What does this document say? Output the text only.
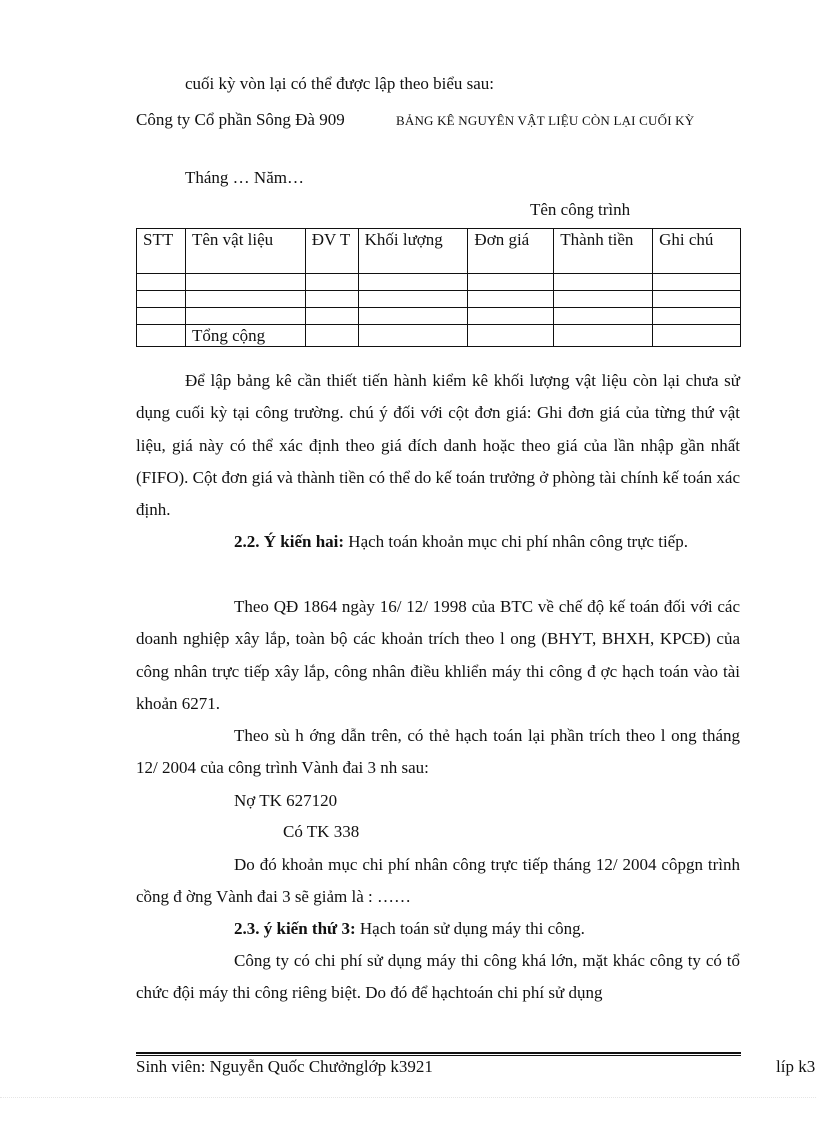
cuối kỳ vòn lại có thể được lập theo biểu sau:
Công ty Cổ phần Sông Đà 909	BẢNG KÊ NGUYÊN VẬT LIỆU CÒN LẠI CUỐI KỲ
Tháng … Năm…
Tên công trình
STT	Tên vật liệu	ĐV T	Khối lượng	Đơn giá	Thành tiền	Ghi chú

	Tổng cộng					

Để lập bảng kê cần thiết tiến hành kiểm kê khối lượng vật liệu còn lại chưa sử dụng cuối kỳ tại công trường. chú ý đối với cột đơn giá: Ghi đơn giá của từng thứ vật liệu, giá này có thể xác định theo giá đích danh hoặc theo giá của lần nhập gần nhất (FIFO). Cột đơn giá và thành tiền có thể do kế toán trưởng ở phòng tài chính kế toán xác định.

2.2. Ý kiến hai: Hạch toán khoản mục chi phí nhân công trực tiếp.

Theo QĐ 1864 ngày 16/ 12/ 1998 của BTC về chế độ kế toán đối với các doanh nghiệp xây lắp, toàn bộ các khoản trích theo l ong (BHYT, BHXH, KPCĐ) của công nhân trực tiếp xây lắp, công nhân điều khliển máy thi công đ ợc hạch toán vào tài khoản 6271.

Theo sù h ớng dẫn trên, có thẻ hạch toán lại phần trích theo l ong tháng 12/ 2004 của công trình Vành đai 3 nh sau:

Nợ TK 627120
Có TK 338

Do đó khoản mục chi phí nhân công trực tiếp tháng 12/ 2004 côpgn trình cồng đ ờng Vành đai 3 sẽ giảm là : ……

2.3. ý kiến thứ 3: Hạch toán sử dụng máy thi công.

Công ty có chi phí sử dụng máy thi công khá lớn, mặt khác công ty có tổ chức đội máy thi công riêng biệt. Do đó để hạchtoán chi phí sử dụng

Sinh viên: Nguyễn Quốc Chưởnglớp k3921	líp k3
